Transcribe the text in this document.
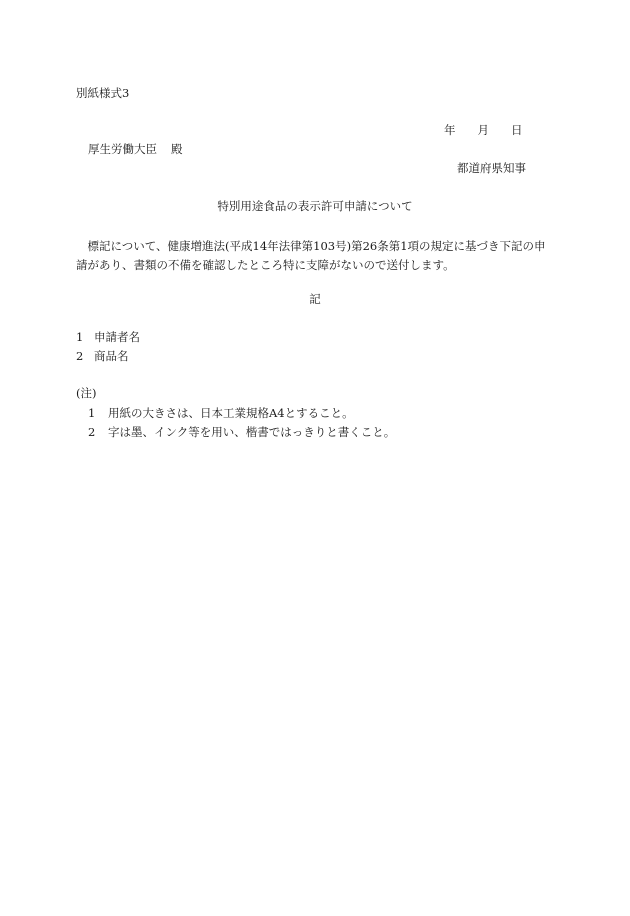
別紙様式3
年 月 日
厚生労働大臣 殿
都道府県知事
特別用途食品の表示許可申請について

　標記について、健康増進法(平成14年法律第103号)第26条第1項の規定に基づき下記の申

請があり、書類の不備を確認したところ特に支障がないので送付します。

記
1 申請者名
2 商品名
(注)
1 用紙の大きさは、日本工業規格A4とすること。
2 字は墨、インク等を用い、楷書ではっきりと書くこと。
